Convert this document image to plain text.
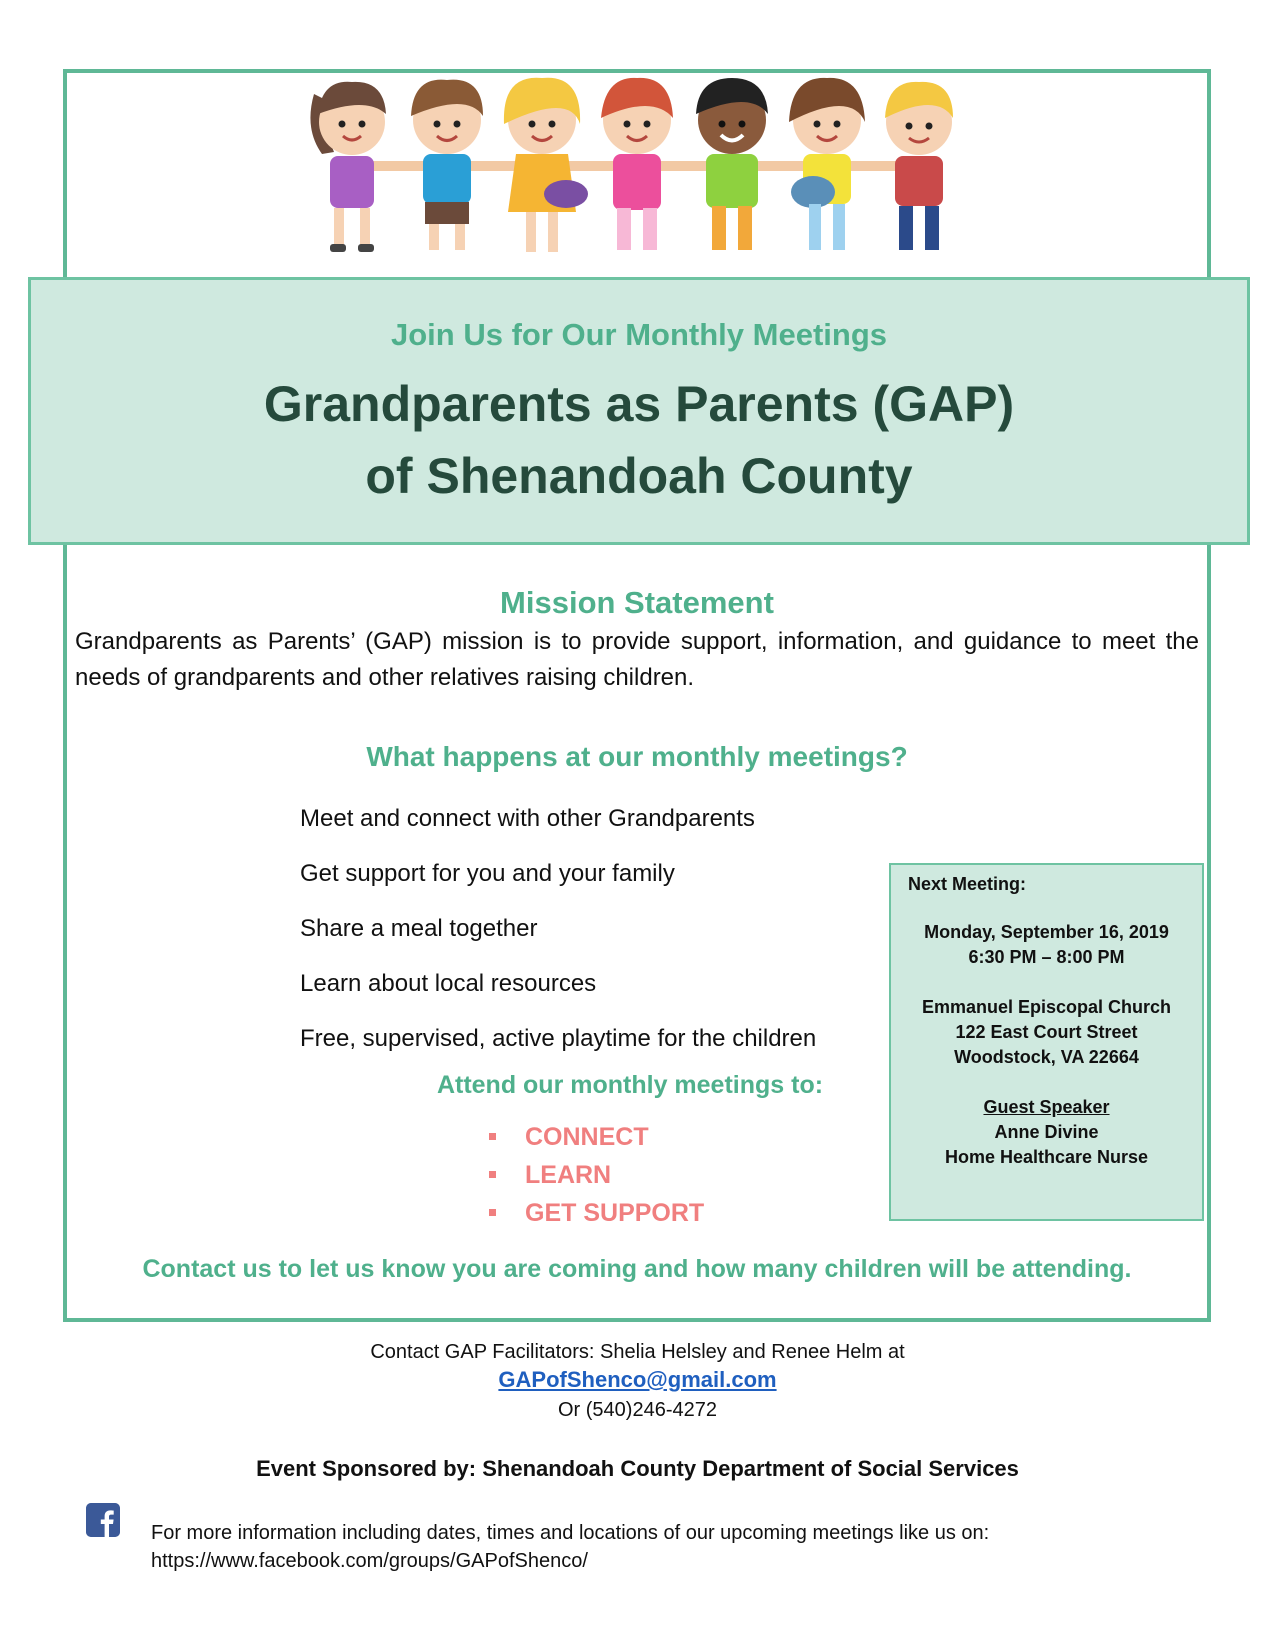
Join Us for Our Monthly Meetings
Grandparents as Parents (GAP)
of Shenandoah County
Mission Statement
Grandparents as Parents’ (GAP) mission is to provide support, information, and guidance to meet the needs of grandparents and other relatives raising children.
What happens at our monthly meetings?
Meet and connect with other Grandparents
Get support for you and your family
Share a meal together
Learn about local resources
Free, supervised, active playtime for the children
Attend our monthly meetings to:
CONNECT
LEARN
GET SUPPORT
Next Meeting:
Monday, September 16, 2019
6:30 PM – 8:00 PM
Emmanuel Episcopal Church
122 East Court Street
Woodstock, VA 22664
Guest Speaker
Anne Divine
Home Healthcare Nurse
Contact us to let us know you are coming and how many children will be attending.
Contact GAP Facilitators: Shelia Helsley and Renee Helm at
GAPofShenco@gmail.com
Or (540)246-4272
Event Sponsored by: Shenandoah County Department of Social Services
For more information including dates, times and locations of our upcoming meetings like us on:
https://www.facebook.com/groups/GAPofShenco/
